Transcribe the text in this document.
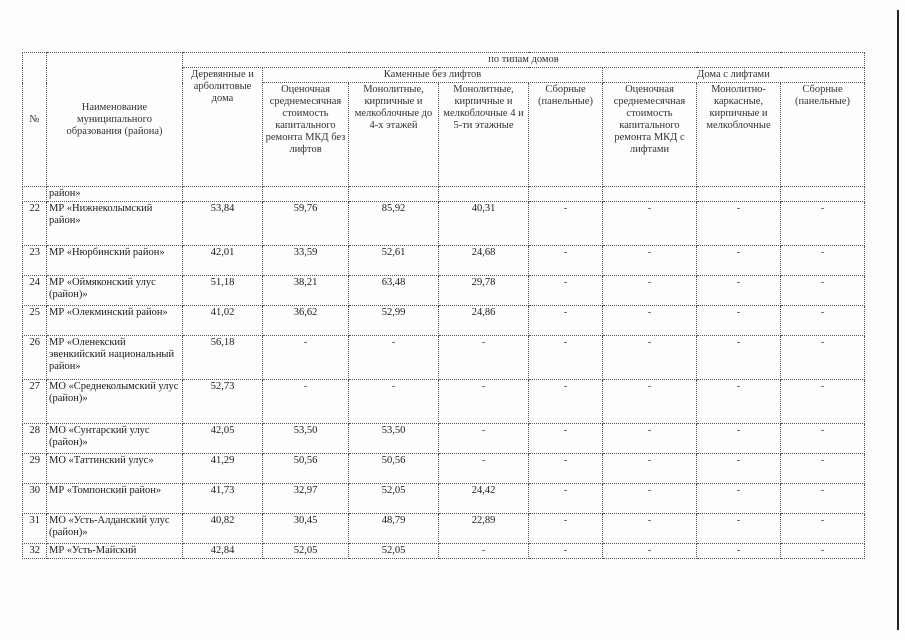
№	Наименование муниципального образования (района)	по типам домов							
		Деревянные и арболитовые дома	Каменные без лифтов				Дома с лифтами		
			Оценочная среднемесячная стоимость капитального ремонта МКД без лифтов	Монолитные, кирпичные и мелкоблочные до 4-х этажей	Монолитные, кирпичные и мелкоблочные 4 и 5-ти этажные	Сборные (панельные)	Оценочная среднемесячная стоимость капитального ремонта МКД с лифтами	Монолитно-каркасные, кирпичные и мелкоблочные	Сборные (панельные)
	район»								
22	МР «Нижнеколымский район»	53,84	59,76	85,92	40,31	-	-	-	-
23	МР «Нюрбинский район»	42,01	33,59	52,61	24,68	-	-	-	-
24	МР «Оймяконский улус (район)»	51,18	38,21	63,48	29,78	-	-	-	-
25	МР «Олекминский район»	41,02	36,62	52,99	24,86	-	-	-	-
26	МР «Оленекский эвенкийский национальный район»	56,18	-	-	-	-	-	-	-
27	МО «Среднеколымский улус (район)»	52,73	-	-	-	-	-	-	-
28	МО «Сунтарский улус (район)»	42,05	53,50	53,50	-	-	-	-	-
29	МО «Таттинский улус»	41,29	50,56	50,56	-	-	-	-	-
30	МР «Томпонский район»	41,73	32,97	52,05	24,42	-	-	-	-
31	МО «Усть-Алданский улус (район)»	40,82	30,45	48,79	22,89	-	-	-	-
32	МР «Усть-Майский	42,84	52,05	52,05	-	-	-	-	-
